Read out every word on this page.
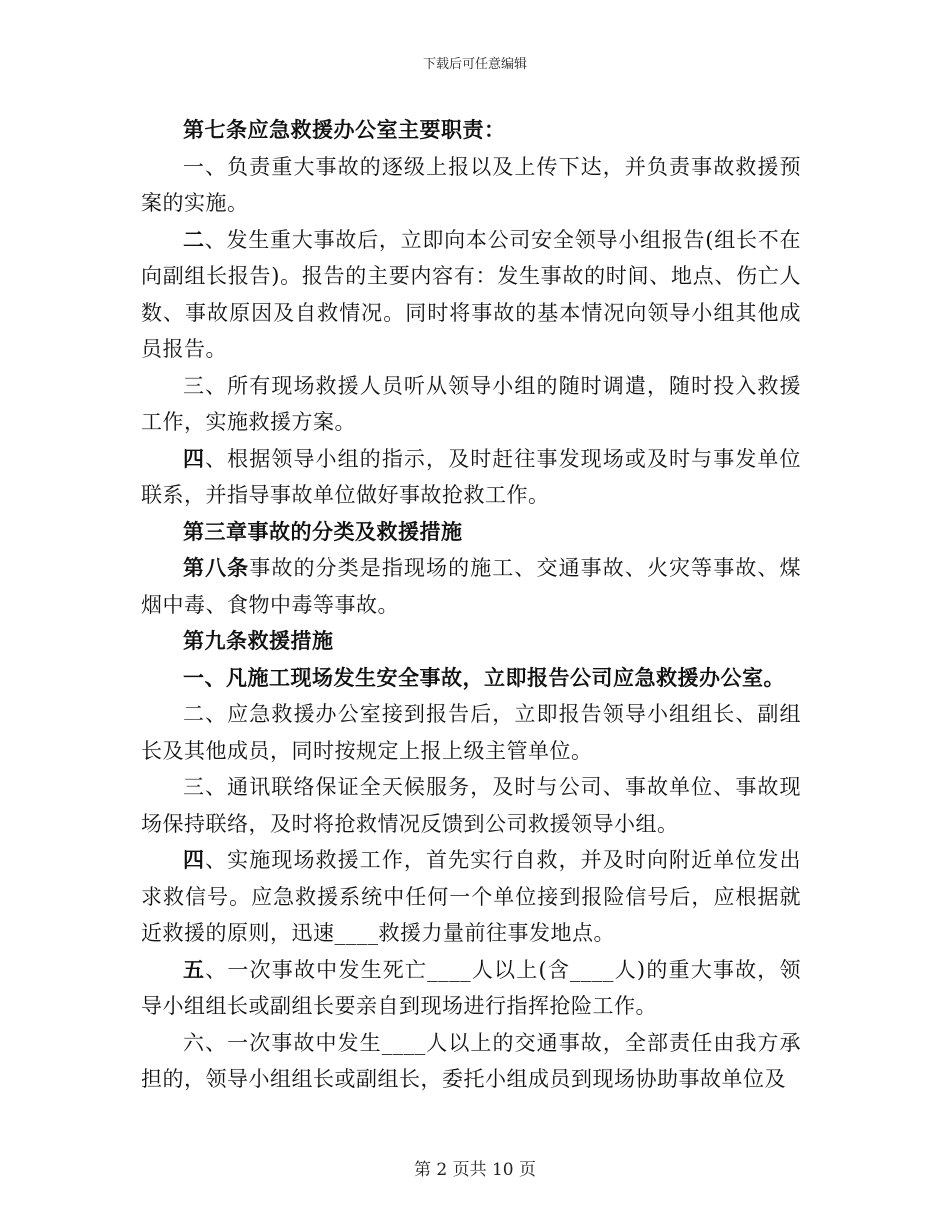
下载后可任意编辑

第七条应急救援办公室主要职责：

一、负责重大事故的逐级上报以及上传下达，并负责事故救援预案的实施。

二、发生重大事故后，立即向本公司安全领导小组报告(组长不在向副组长报告)。报告的主要内容有：发生事故的时间、地点、伤亡人数、事故原因及自救情况。同时将事故的基本情况向领导小组其他成员报告。

三、所有现场救援人员听从领导小组的随时调遣，随时投入救援工作，实施救援方案。

四、根据领导小组的指示，及时赶往事发现场或及时与事发单位联系，并指导事故单位做好事故抢救工作。

第三章事故的分类及救援措施

第八条事故的分类是指现场的施工、交通事故、火灾等事故、煤烟中毒、食物中毒等事故。

第九条救援措施

一、凡施工现场发生安全事故，立即报告公司应急救援办公室。

二、应急救援办公室接到报告后，立即报告领导小组组长、副组长及其他成员，同时按规定上报上级主管单位。

三、通讯联络保证全天候服务，及时与公司、事故单位、事故现场保持联络，及时将抢救情况反馈到公司救援领导小组。

四、实施现场救援工作，首先实行自救，并及时向附近单位发出求救信号。应急救援系统中任何一个单位接到报险信号后，应根据就近救援的原则，迅速____救援力量前往事发地点。

五、一次事故中发生死亡____人以上(含____人)的重大事故，领导小组组长或副组长要亲自到现场进行指挥抢险工作。

六、一次事故中发生____人以上的交通事故，全部责任由我方承担的，领导小组组长或副组长，委托小组成员到现场协助事故单位及

第 2 页共 10 页
